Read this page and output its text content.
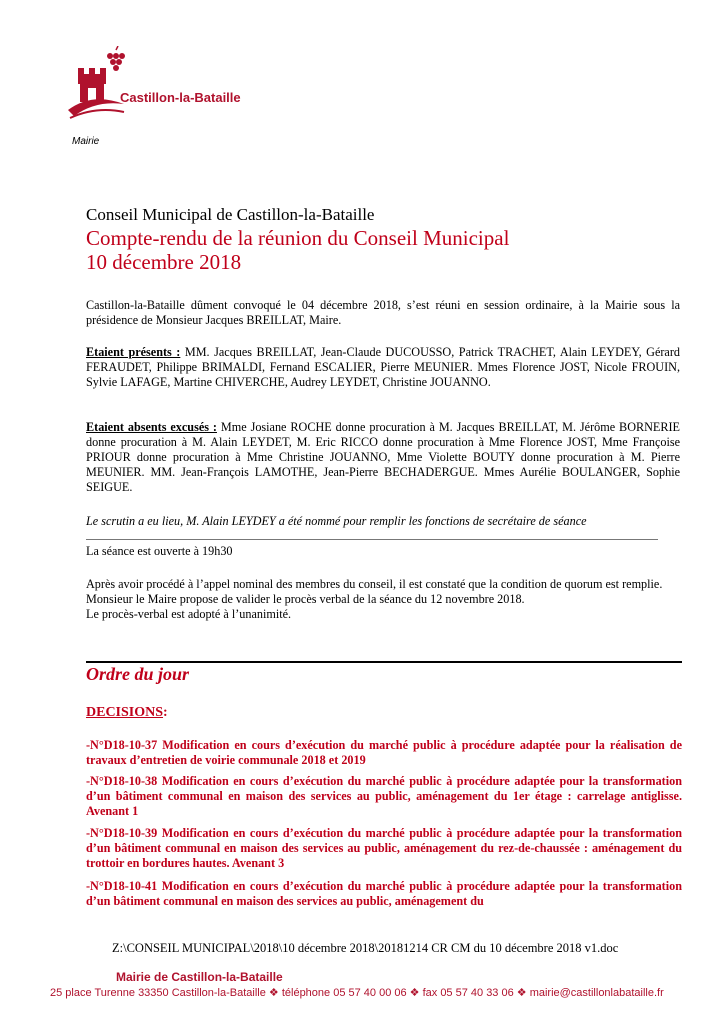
Castillon-la-Bataille
Mairie
Conseil Municipal de Castillon-la-Bataille
Compte-rendu de la réunion du Conseil Municipal
10 décembre 2018
Castillon-la-Bataille dûment convoqué le 04 décembre 2018, s’est réuni en session ordinaire, à la Mairie sous la présidence de Monsieur Jacques BREILLAT, Maire.
Etaient présents : MM. Jacques BREILLAT, Jean-Claude DUCOUSSO, Patrick TRACHET, Alain LEYDEY, Gérard FERAUDET, Philippe BRIMALDI, Fernand ESCALIER, Pierre MEUNIER. Mmes Florence JOST, Nicole FROUIN, Sylvie LAFAGE, Martine CHIVERCHE, Audrey LEYDET, Christine JOUANNO.
Etaient absents excusés : Mme Josiane ROCHE donne procuration à M. Jacques BREILLAT, M. Jérôme BORNERIE donne procuration à M. Alain LEYDET, M. Eric RICCO donne procuration à Mme Florence JOST, Mme Françoise PRIOUR donne procuration à Mme Christine JOUANNO, Mme Violette BOUTY donne procuration à M. Pierre MEUNIER. MM. Jean-François LAMOTHE, Jean-Pierre BECHADERGUE. Mmes Aurélie BOULANGER, Sophie SEIGUE.
Le scrutin a eu lieu, M. Alain LEYDEY a été nommé pour remplir les fonctions de secrétaire de séance
La séance est ouverte à 19h30
Après avoir procédé à l’appel nominal des membres du conseil, il est constaté que la condition de quorum est remplie.
Monsieur le Maire propose de valider le procès verbal de la séance du 12 novembre 2018.
Le procès-verbal est adopté à l’unanimité.
Ordre du jour
DECISIONS:
-N°D18-10-37 Modification en cours d’exécution du marché public à procédure adaptée pour la réalisation de travaux d’entretien de voirie communale 2018 et 2019
-N°D18-10-38 Modification en cours d’exécution du marché public à procédure adaptée pour la transformation d’un bâtiment communal en maison des services au public, aménagement du 1er étage : carrelage antiglisse. Avenant 1
-N°D18-10-39 Modification en cours d’exécution du marché public à procédure adaptée pour la transformation d’un bâtiment communal en maison des services au public, aménagement du rez-de-chaussée : aménagement du trottoir en bordures hautes. Avenant 3
-N°D18-10-41 Modification en cours d’exécution du marché public à procédure adaptée pour la transformation d’un bâtiment communal en maison des services au public, aménagement du
Z:\CONSEIL MUNICIPAL\2018\10 décembre 2018\20181214 CR CM du 10 décembre 2018 v1.doc
Mairie de Castillon-la-Bataille
25 place Turenne 33350 Castillon-la-Bataille ❖ téléphone 05 57 40 00 06 ❖ fax 05 57 40 33 06 ❖ mairie@castillonlabataille.fr
